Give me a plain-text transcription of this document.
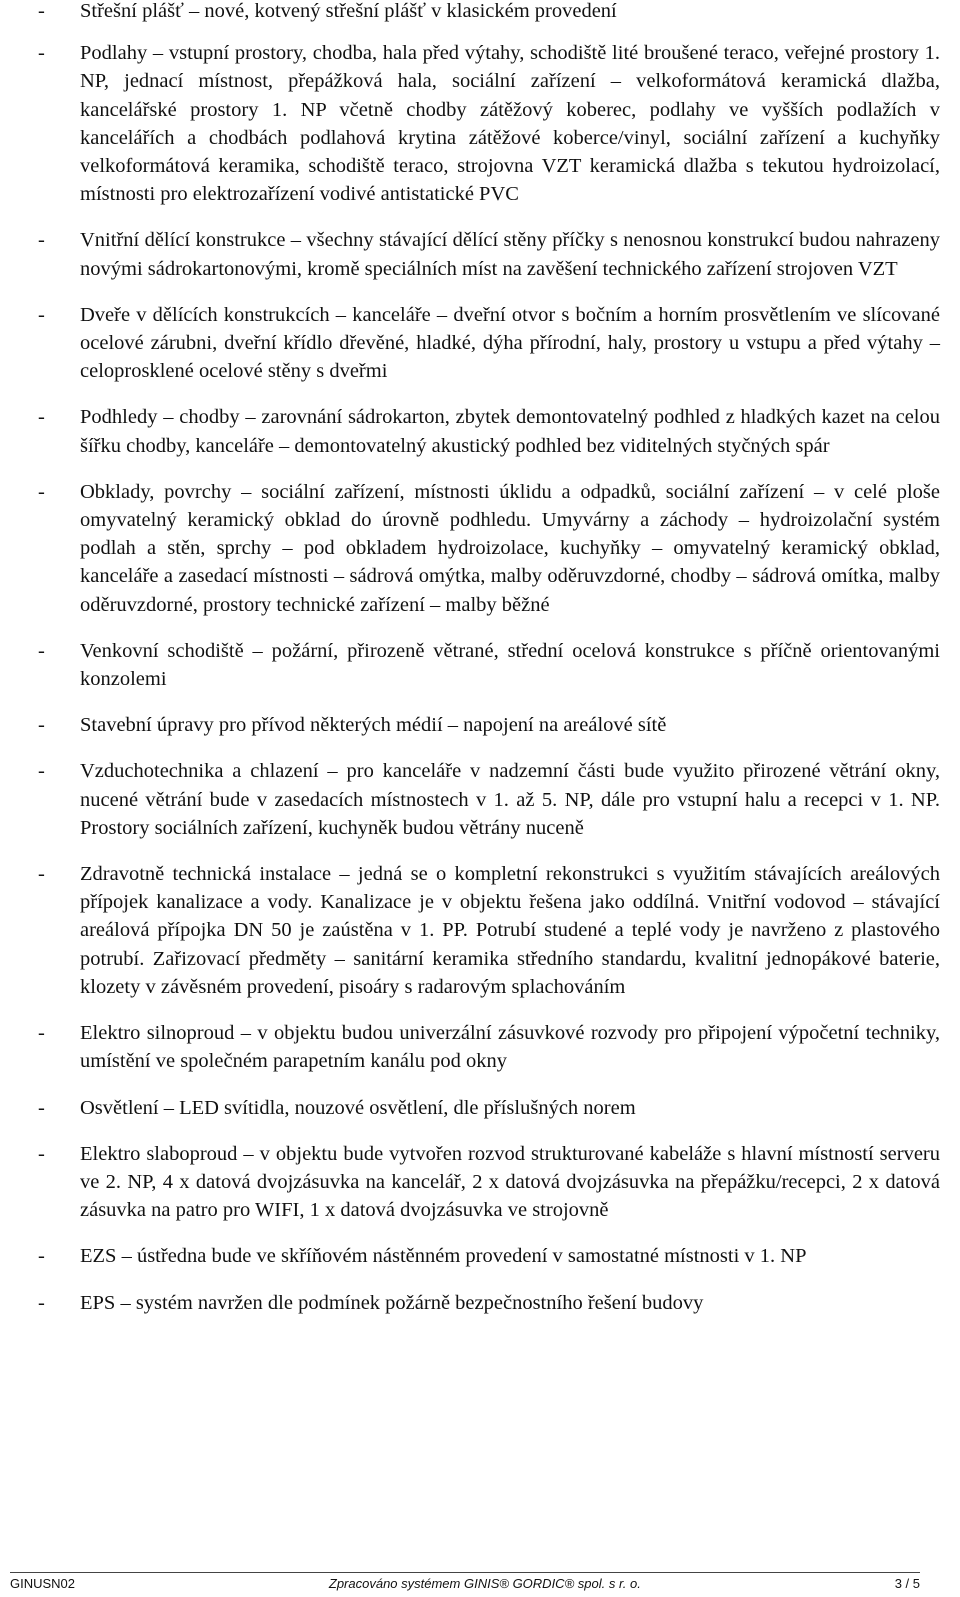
-	Střešní plášť – nové, kotvený střešní plášť v klasickém provedení

-	Podlahy – vstupní prostory, chodba, hala před výtahy, schodiště lité broušené teraco, veřejné prostory 1. NP, jednací místnost, přepážková hala, sociální zařízení – velkoformátová keramická dlažba, kancelářské prostory 1. NP včetně chodby zátěžový koberec, podlahy ve vyšších podlažích v kancelářích a chodbách podlahová krytina zátěžové koberce/vinyl, sociální zařízení a kuchyňky velkoformátová keramika, schodiště teraco, strojovna VZT keramická dlažba s tekutou hydroizolací, místnosti pro elektrozařízení vodivé antistatické PVC

-	Vnitřní dělící konstrukce – všechny stávající dělící stěny příčky s nenosnou konstrukcí budou nahrazeny novými sádrokartonovými, kromě speciálních míst na zavěšení technického zařízení strojoven VZT

-	Dveře v dělících konstrukcích – kanceláře – dveřní otvor s bočním a horním prosvětlením ve slícované ocelové zárubni, dveřní křídlo dřevěné, hladké, dýha přírodní, haly, prostory u vstupu a před výtahy – celoprosklené ocelové stěny s dveřmi

-	Podhledy – chodby – zarovnání sádrokarton, zbytek demontovatelný podhled z hladkých kazet na celou šířku chodby, kanceláře – demontovatelný akustický podhled bez viditelných styčných spár

-	Obklady, povrchy – sociální zařízení, místnosti úklidu a odpadků, sociální zařízení – v celé ploše omyvatelný keramický obklad do úrovně podhledu. Umyvárny a záchody – hydroizolační systém podlah a stěn, sprchy – pod obkladem hydroizolace, kuchyňky – omyvatelný keramický obklad, kanceláře a zasedací místnosti – sádrová omýtka, malby oděruvzdorné, chodby – sádrová omítka, malby oděruvzdorné, prostory technické zařízení – malby běžné

-	Venkovní schodiště – požární, přirozeně větrané, střední ocelová konstrukce s příčně orientovanými konzolemi

-	Stavební úpravy pro přívod některých médií – napojení na areálové sítě

-	Vzduchotechnika a chlazení – pro kanceláře v nadzemní části bude využito přirozené větrání okny, nucené větrání bude v zasedacích místnostech v 1. až 5. NP, dále pro vstupní halu a recepci v 1. NP. Prostory sociálních zařízení, kuchyněk budou větrány nuceně

-	Zdravotně technická instalace – jedná se o kompletní rekonstrukci s využitím stávajících areálových přípojek kanalizace a vody. Kanalizace je v objektu řešena jako oddílná. Vnitřní vodovod – stávající areálová přípojka DN 50 je zaústěna v 1. PP. Potrubí studené a teplé vody je navrženo z plastového potrubí. Zařizovací předměty – sanitární keramika středního standardu, kvalitní jednopákové baterie, klozety v závěsném provedení, pisoáry s radarovým splachováním

-	Elektro silnoproud – v objektu budou univerzální zásuvkové rozvody pro připojení výpočetní techniky, umístění ve společném parapetním kanálu pod okny

-	Osvětlení – LED svítidla, nouzové osvětlení, dle příslušných norem

-	Elektro slaboproud – v objektu bude vytvořen rozvod strukturované kabeláže s hlavní místností serveru ve 2. NP, 4 x datová dvojzásuvka na kancelář, 2 x datová dvojzásuvka na přepážku/recepci, 2 x datová zásuvka na patro pro WIFI, 1 x datová dvojzásuvka ve strojovně

-	EZS – ústředna bude ve skříňovém nástěnném provedení v samostatné místnosti v 1. NP

-	EPS – systém navržen dle podmínek požárně bezpečnostního řešení budovy

GINUSN02	Zpracováno systémem GINIS® GORDIC® spol. s r. o.	3 / 5
